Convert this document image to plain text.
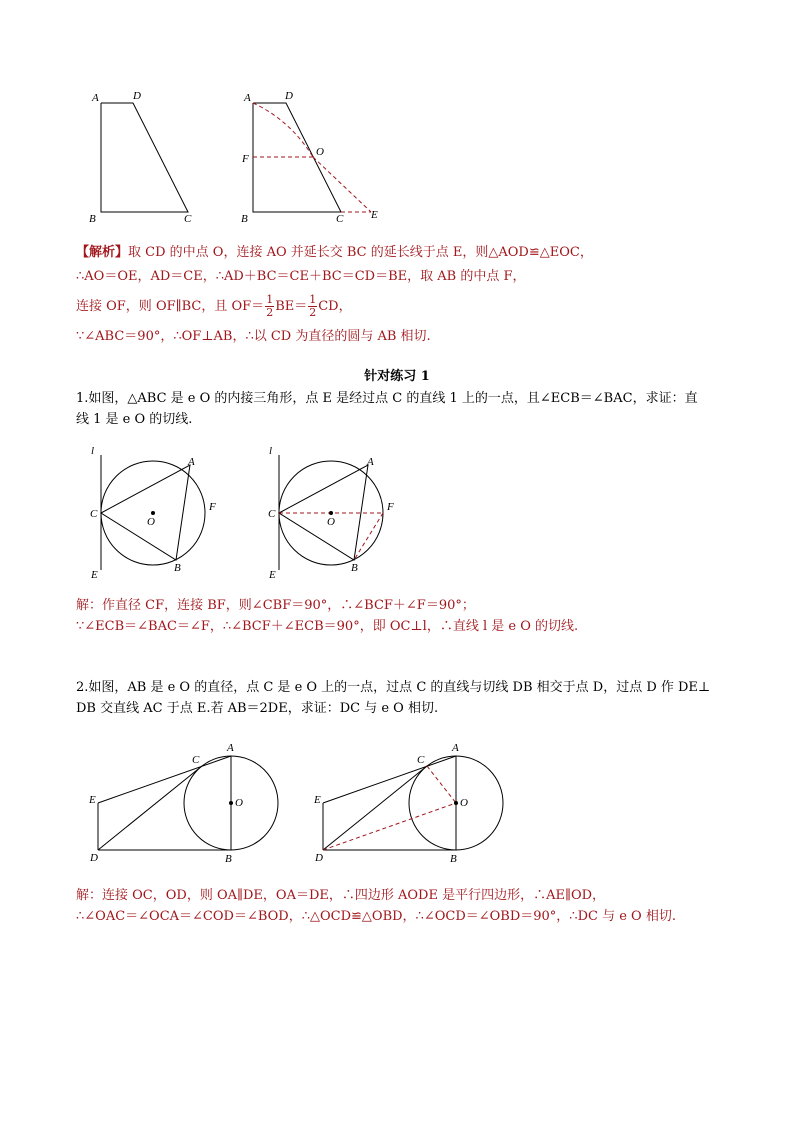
A	D
B	C
A	D
F
O
B	C	E
【解析】取 CD 的中点 O，连接 AO 并延长交 BC 的延长线于点 E，则△AOD≌△EOC，
∴AO＝OE，AD＝CE，∴AD＋BC＝CE＋BC＝CD＝BE，取 AB 的中点 F，
连接 OF，则 OF∥BC，且 $OF= \frac{1}{2} BE= \frac{1}{2}$ CD，
∵∠ABC＝90°，∴OF⊥AB，∴以 CD 为直径的圆与 AB 相切.
针对练习 1
1.如图，△ABC 是 e O 的内接三角形，点 E 是经过点 C 的直线 1 上的一点，且∠ECB＝∠BAC，求证：直
线 1 是 e O 的切线.
l
A
C
O
F
E
B
l
A
C
O
F
E
B
解：作直径 CF，连接 BF，则∠CBF＝90°，∴∠BCF＋∠F＝90°；
∵∠ECB＝∠BAC＝∠F，∴∠BCF＋∠ECB＝90°，即 OC⊥l，∴直线 l 是 e O 的切线.
2.如图，AB 是 e O 的直径，点 C 是 e O 上的一点，过点 C 的直线与切线 DB 相交于点 D，过点 D 作 DE⊥
DB 交直线 AC 于点 E.若 AB＝2DE，求证：DC 与 e O 相切.
A
C
E	O
D	B
A
C
E	O
D	B
解：连接 OC，OD，则 OA∥DE，OA＝DE，∴四边形 AODE 是平行四边形，∴AE∥OD，
∴∠OAC＝∠OCA＝∠COD＝∠BOD，∴△OCD≌△OBD，∴∠OCD＝∠OBD＝90°，∴DC 与 e O 相切.
